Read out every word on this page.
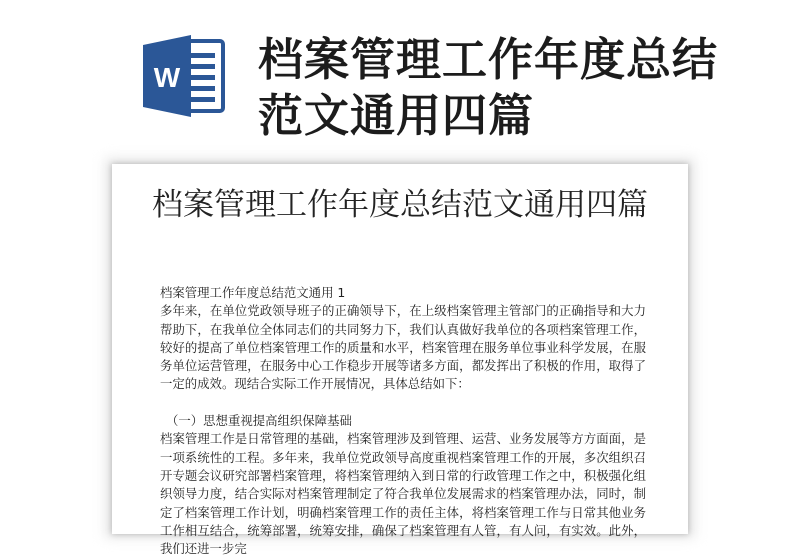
W 档案管理工作年度总结范文通用四篇
档案管理工作年度总结范文通用四篇

档案管理工作年度总结范文通用 1

多年来，在单位党政领导班子的正确领导下，在上级档案管理主管部门的正确指导和大力帮助下，在我单位全体同志们的共同努力下，我们认真做好我单位的各项档案管理工作，较好的提高了单位档案管理工作的质量和水平，档案管理在服务单位事业科学发展，在服务单位运营管理，在服务中心工作稳步开展等诸多方面，都发挥出了积极的作用，取得了一定的成效。现结合实际工作开展情况，具体总结如下：

（一）思想重视提高组织保障基础

档案管理工作是日常管理的基础，档案管理涉及到管理、运营、业务发展等方方面面，是一项系统性的工程。多年来，我单位党政领导高度重视档案管理工作的开展，多次组织召开专题会议研究部署档案管理，将档案管理纳入到日常的行政管理工作之中，积极强化组织领导力度，结合实际对档案管理制定了符合我单位发展需求的档案管理办法，同时，制定了档案管理工作计划，明确档案管理工作的责任主体，将档案管理工作与日常其他业务工作相互结合，统筹部署，统筹安排，确保了档案管理有人管，有人问，有实效。此外，我们还进一步完
